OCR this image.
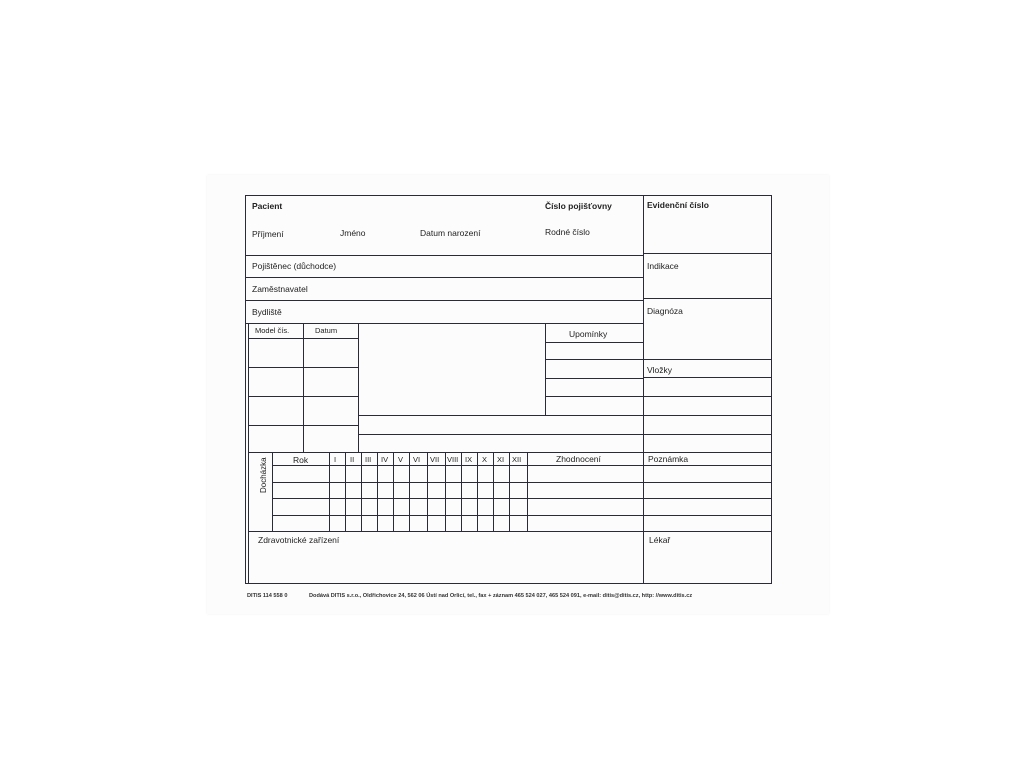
Pacient	Číslo pojišťovny	Evidenční číslo
Příjmení	Jméno	Datum narození	Rodné číslo
Pojištěnec (důchodce)	Indikace
Zaměstnavatel
Bydliště	Diagnóza
Model čís.	Datum	Upomínky
Vložky
Rok	I II III IV V VI VII VIII IX X XI XII	Zhodnocení	Poznámka
Docházka
Zdravotnické zařízení	Lékař
DITIS 114 558 0	Dodává DITIS s.r.o., Oldřichovice 24, 562 06 Ústí nad Orlicí, tel., fax + záznam 465 524 027, 465 524 091, e-mail: ditis@ditis.cz, http: //www.ditis.cz
